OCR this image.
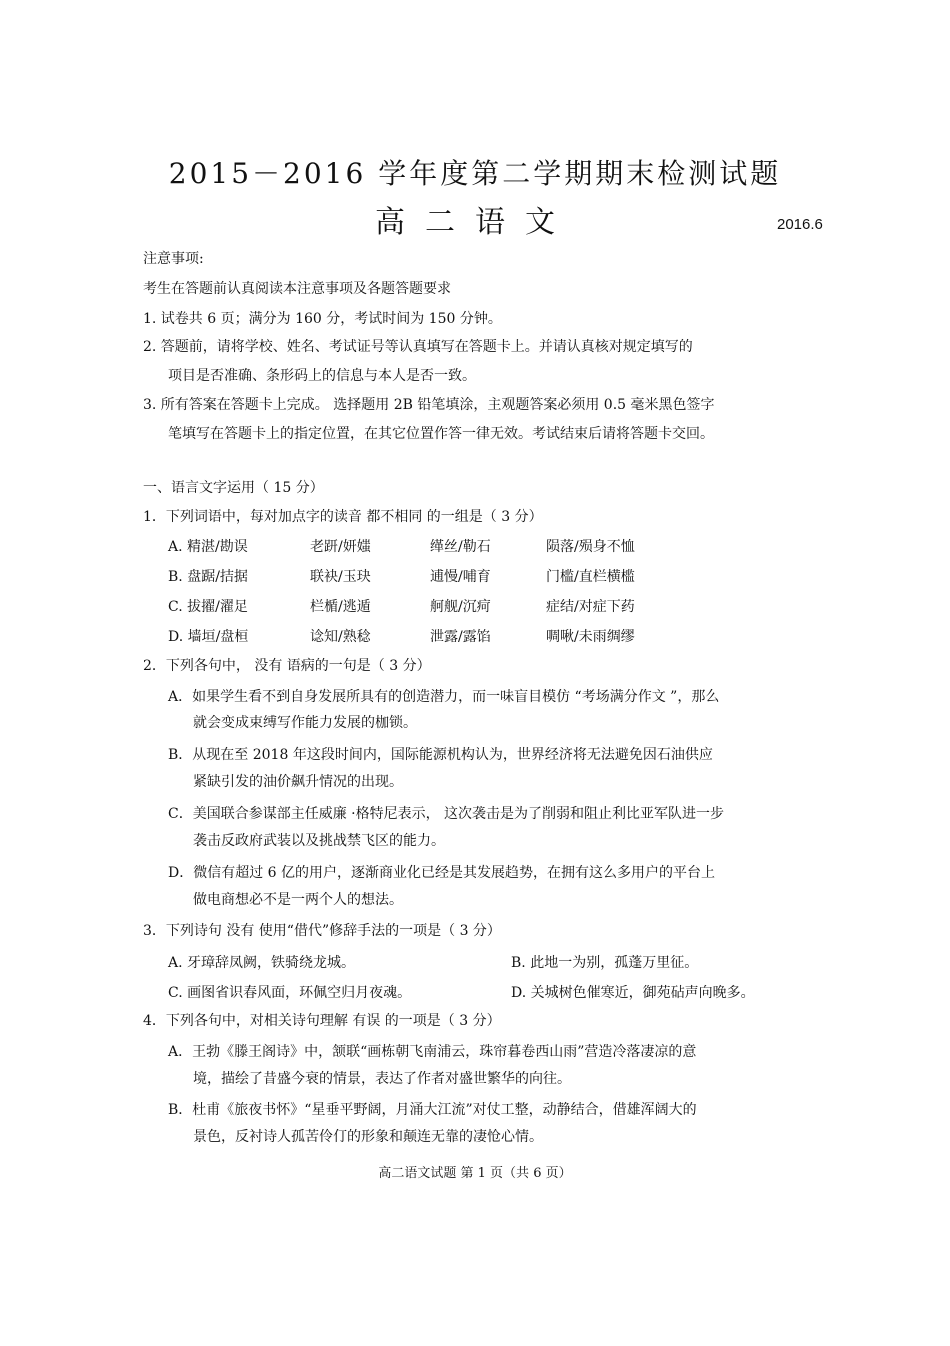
2015－2016 学年度第二学期期末检测试题
高二语文	2016.6
注意事项:
考生在答题前认真阅读本注意事项及各题答题要求
1. 试卷共 6 页；满分为 160 分，考试时间为 150 分钟。
2. 答题前，请将学校、姓名、考试证号等认真填写在答题卡上。并请认真核对规定填写的
项目是否准确、条形码上的信息与本人是否一致。
3. 所有答案在答题卡上完成。 选择题用 2B 铅笔填涂，主观题答案必须用 0.5 毫米黑色签字
笔填写在答题卡上的指定位置，在其它位置作答一律无效。考试结束后请将答题卡交回。
一、语言文字运用（ 15 分）
1．下列词语中，每对加点字的读音 都不相同 的一组是（ 3 分）
A. 精湛/勘误	老趼/妍媸	缂丝/勒石	陨落/殒身不恤
B. 盘踞/拮据	联袂/玉玦	逋慢/哺育	门槛/直栏横槛
C. 拔擢/濯足	栏楯/逃遁	舸舰/沉疴	症结/对症下药
D. 墙垣/盘桓	谂知/熟稔	泄露/露馅	啁啾/未雨绸缪
2．下列各句中， 没有 语病的一句是（ 3 分）
A．如果学生看不到自身发展所具有的创造潜力，而一味盲目模仿 “考场满分作文 ”，那么
就会变成束缚写作能力发展的枷锁。
B．从现在至 2018 年这段时间内，国际能源机构认为，世界经济将无法避免因石油供应
紧缺引发的油价飙升情况的出现。
C．美国联合参谋部主任威廉 ·格特尼表示， 这次袭击是为了削弱和阻止利比亚军队进一步
袭击反政府武装以及挑战禁飞区的能力。
D．微信有超过 6 亿的用户，逐渐商业化已经是其发展趋势，在拥有这么多用户的平台上
做电商想必不是一两个人的想法。
3．下列诗句 没有 使用“借代”修辞手法的一项是（ 3 分）
A. 牙璋辞凤阙，铁骑绕龙城。	B. 此地一为别，孤蓬万里征。
C. 画图省识春风面，环佩空归月夜魂。	D. 关城树色催寒近，御苑砧声向晚多。
4．下列各句中，对相关诗句理解 有误 的一项是（ 3 分）
A．王勃《滕王阁诗》中，颔联“画栋朝飞南浦云，珠帘暮卷西山雨”营造冷落凄凉的意
境，描绘了昔盛今衰的情景，表达了作者对盛世繁华的向往。
B．杜甫《旅夜书怀》“星垂平野阔，月涌大江流”对仗工整，动静结合，借雄浑阔大的
景色，反衬诗人孤苦伶仃的形象和颠连无靠的凄怆心情。
高二语文试题 第 1 页（共 6 页）
